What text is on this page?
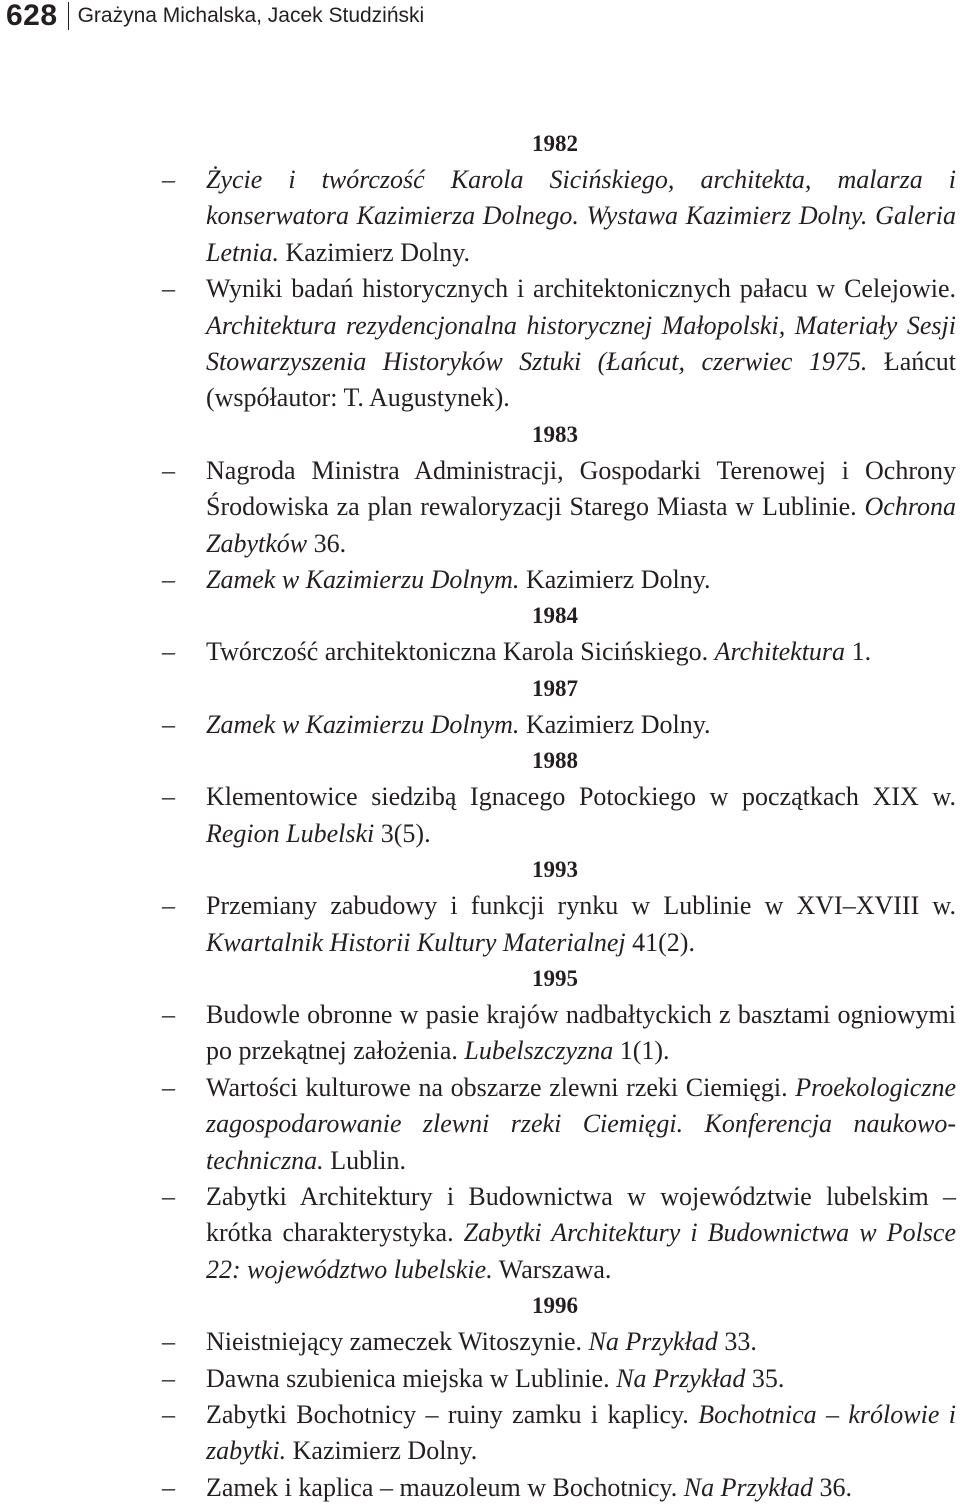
628 Grażyna Michalska, Jacek Studziński
1982
– Życie i twórczość Karola Sicińskiego, architekta, malarza i konserwatora Kazimierza Dolnego. Wystawa Kazimierz Dolny. Galeria Letnia. Kazimierz Dolny.
– Wyniki badań historycznych i architektonicznych pałacu w Celejowie. Architektura rezydencjonalna historycznej Małopolski, Materiały Sesji Stowarzyszenia Historyków Sztuki (Łańcut, czerwiec 1975. Łańcut (współautor: T. Augustynek).
1983
– Nagroda Ministra Administracji, Gospodarki Terenowej i Ochrony Środowiska za plan rewaloryzacji Starego Miasta w Lublinie. Ochrona Zabytków 36.
– Zamek w Kazimierzu Dolnym. Kazimierz Dolny.
1984
– Twórczość architektoniczna Karola Sicińskiego. Architektura 1.
1987
– Zamek w Kazimierzu Dolnym. Kazimierz Dolny.
1988
– Klementowice siedzibą Ignacego Potockiego w początkach XIX w. Region Lubelski 3(5).
1993
– Przemiany zabudowy i funkcji rynku w Lublinie w XVI–XVIII w. Kwartalnik Historii Kultury Materialnej 41(2).
1995
– Budowle obronne w pasie krajów nadbałtyckich z basztami ogniowymi po przekątnej założenia. Lubelszczyzna 1(1).
– Wartości kulturowe na obszarze zlewni rzeki Ciemięgi. Proekologiczne zagospodarowanie zlewni rzeki Ciemięgi. Konferencja naukowo-techniczna. Lublin.
– Zabytki Architektury i Budownictwa w województwie lubelskim – krótka charakterystyka. Zabytki Architektury i Budownictwa w Polsce 22: województwo lubelskie. Warszawa.
1996
– Nieistniejący zameczek Witoszynie. Na Przykład 33.
– Dawna szubienica miejska w Lublinie. Na Przykład 35.
– Zabytki Bochotnicy – ruiny zamku i kaplicy. Bochotnica – królowie i zabytki. Kazimierz Dolny.
– Zamek i kaplica – mauzoleum w Bochotnicy. Na Przykład 36.
